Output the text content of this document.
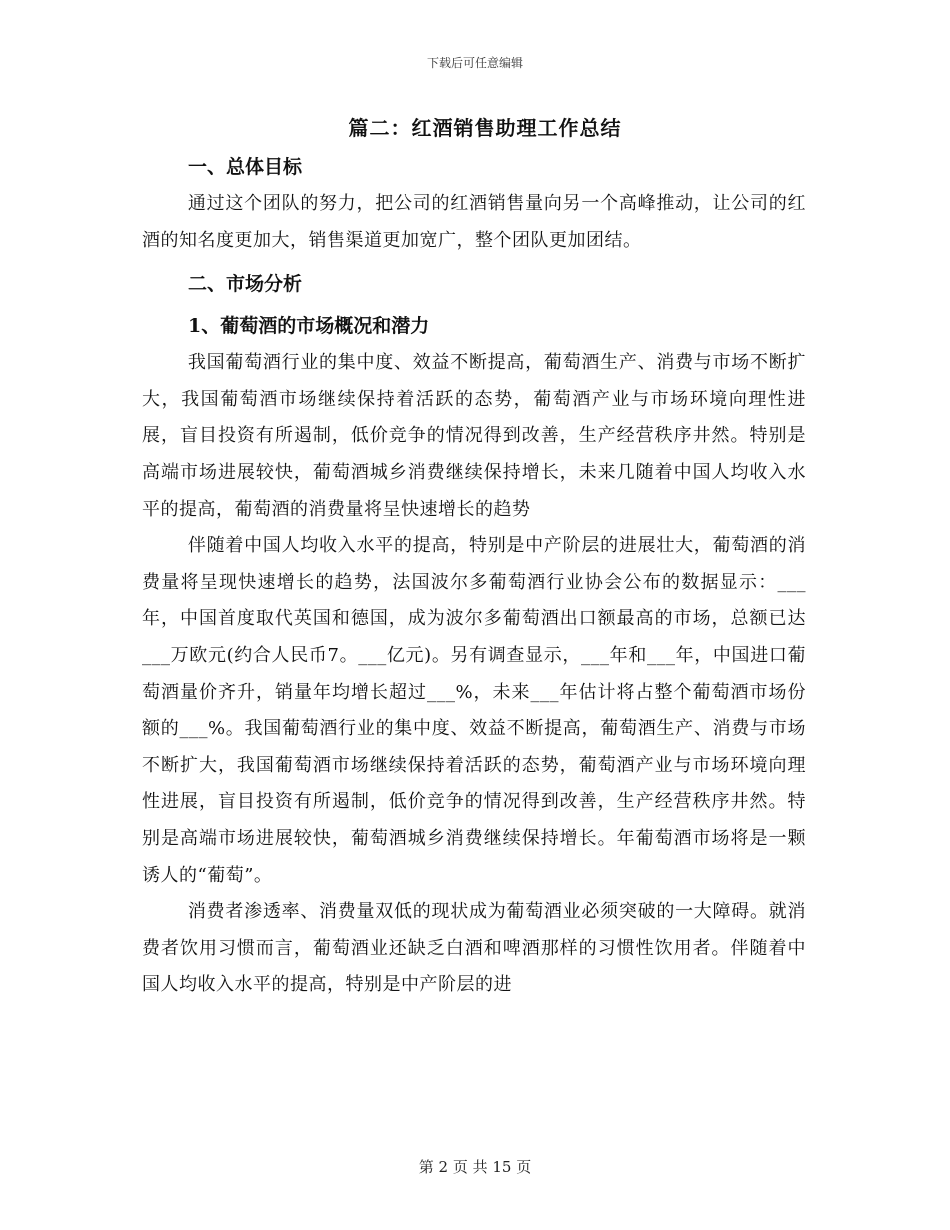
下载后可任意编辑
篇二：红酒销售助理工作总结
一、总体目标

通过这个团队的努力，把公司的红酒销售量向另一个高峰推动，让公司的红酒的知名度更加大，销售渠道更加宽广，整个团队更加团结。

二、市场分析
1、葡萄酒的市场概况和潜力

我国葡萄酒行业的集中度、效益不断提高，葡萄酒生产、消费与市场不断扩大，我国葡萄酒市场继续保持着活跃的态势，葡萄酒产业与市场环境向理性进展，盲目投资有所遏制，低价竞争的情况得到改善，生产经营秩序井然。特别是高端市场进展较快，葡萄酒城乡消费继续保持增长，未来几随着中国人均收入水平的提高，葡萄酒的消费量将呈快速增长的趋势

伴随着中国人均收入水平的提高，特别是中产阶层的进展壮大，葡萄酒的消费量将呈现快速增长的趋势，法国波尔多葡萄酒行业协会公布的数据显示：___年，中国首度取代英国和德国，成为波尔多葡萄酒出口额最高的市场，总额已达___万欧元(约合人民币7。___亿元)。另有调查显示，___年和___年，中国进口葡萄酒量价齐升，销量年均增长超过___%，未来___年估计将占整个葡萄酒市场份额的___%。我国葡萄酒行业的集中度、效益不断提高，葡萄酒生产、消费与市场不断扩大，我国葡萄酒市场继续保持着活跃的态势，葡萄酒产业与市场环境向理性进展，盲目投资有所遏制，低价竞争的情况得到改善，生产经营秩序井然。特别是高端市场进展较快，葡萄酒城乡消费继续保持增长。年葡萄酒市场将是一颗诱人的“葡萄”。

消费者渗透率、消费量双低的现状成为葡萄酒业必须突破的一大障碍。就消费者饮用习惯而言，葡萄酒业还缺乏白酒和啤酒那样的习惯性饮用者。伴随着中国人均收入水平的提高，特别是中产阶层的进

第 2 页 共 15 页
